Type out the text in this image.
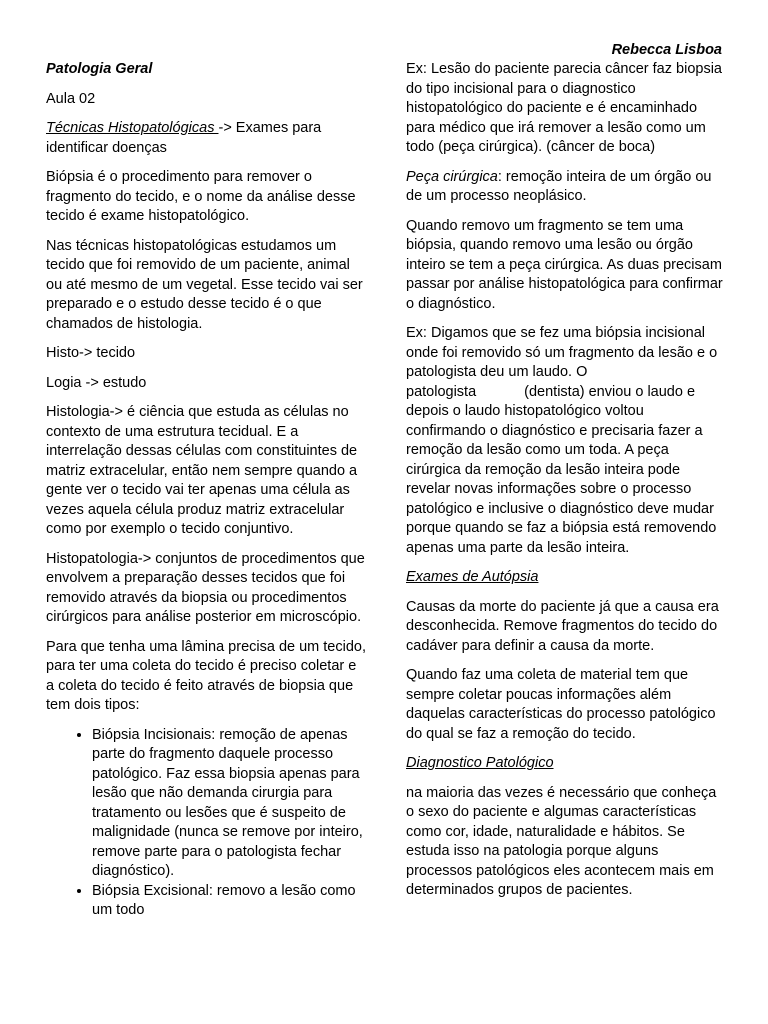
Rebecca Lisboa

Patologia Geral

Aula 02

Técnicas Histopatológicas -> Exames para identificar doenças

Biópsia é o procedimento para remover o fragmento do tecido, e o nome da análise desse tecido é exame histopatológico.

Nas técnicas histopatológicas estudamos um tecido que foi removido de um paciente, animal ou até mesmo de um vegetal. Esse tecido vai ser preparado e o estudo desse tecido é o que chamados de histologia.

Histo-> tecido

Logia -> estudo

Histologia-> é ciência que estuda as células no contexto de uma estrutura tecidual. E a interrelação dessas células com constituintes de matriz extracelular, então nem sempre quando a gente ver o tecido vai ter apenas uma célula as vezes aquela célula produz matriz extracelular como por exemplo o tecido conjuntivo.

Histopatologia-> conjuntos de procedimentos que envolvem a preparação desses tecidos que foi removido através da biopsia ou procedimentos cirúrgicos para análise posterior em microscópio.

Para que tenha uma lâmina precisa de um tecido, para ter uma coleta do tecido é preciso coletar e a coleta do tecido é feito através de biopsia que tem dois tipos:

• Biópsia Incisionais: remoção de apenas parte do fragmento daquele processo patológico. Faz essa biopsia apenas para lesão que não demanda cirurgia para tratamento ou lesões que é suspeito de malignidade (nunca se remove por inteiro, remove parte para o patologista fechar diagnóstico).
• Biópsia Excisional: removo a lesão como um todo

Ex: Lesão do paciente parecia câncer faz biopsia do tipo incisional para o diagnostico histopatológico do paciente e é encaminhado para médico que irá remover a lesão como um todo (peça cirúrgica). (câncer de boca)

Peça cirúrgica: remoção inteira de um órgão ou de um processo neoplásico.

Quando removo um fragmento se tem uma biópsia, quando removo uma lesão ou órgão inteiro se tem a peça cirúrgica. As duas precisam passar por análise histopatológica para confirmar o diagnóstico.

Ex: Digamos que se fez uma biópsia incisional onde foi removido só um fragmento da lesão e o patologista deu um laudo. O patologista	(dentista) enviou o laudo e depois o laudo histopatológico voltou confirmando o diagnóstico e precisaria fazer a remoção da lesão como um toda. A peça cirúrgica da remoção da lesão inteira pode revelar novas informações sobre o processo patológico e inclusive o diagnóstico deve mudar porque quando se faz a biópsia está removendo apenas uma parte da lesão inteira.

Exames de Autópsia

Causas da morte do paciente já que a causa era desconhecida. Remove fragmentos do tecido do cadáver para definir a causa da morte.

Quando faz uma coleta de material tem que sempre coletar poucas informações além daquelas características do processo patológico do qual se faz a remoção do tecido.

Diagnostico Patológico

na maioria das vezes é necessário que conheça o sexo do paciente e algumas características como cor, idade, naturalidade e hábitos. Se estuda isso na patologia porque alguns processos patológicos eles acontecem mais em determinados grupos de pacientes.
